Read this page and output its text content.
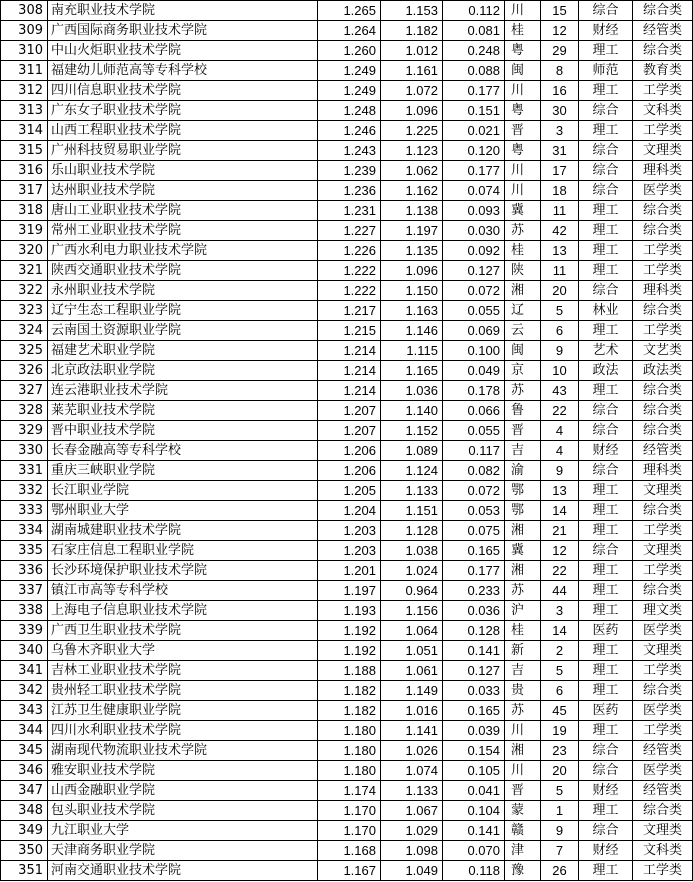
308	南充职业技术学院	1.265	1.153	0.112	川	15	综合	综合类
309	广西国际商务职业技术学院	1.264	1.182	0.081	桂	12	财经	经管类
310	中山火炬职业技术学院	1.260	1.012	0.248	粤	29	理工	综合类
311	福建幼儿师范高等专科学校	1.249	1.161	0.088	闽	8	师范	教育类
312	四川信息职业技术学院	1.249	1.072	0.177	川	16	理工	工学类
313	广东女子职业技术学院	1.248	1.096	0.151	粤	30	综合	文科类
314	山西工程职业技术学院	1.246	1.225	0.021	晋	3	理工	工学类
315	广州科技贸易职业学院	1.243	1.123	0.120	粤	31	综合	文理类
316	乐山职业技术学院	1.239	1.062	0.177	川	17	综合	理科类
317	达州职业技术学院	1.236	1.162	0.074	川	18	综合	医学类
318	唐山工业职业技术学院	1.231	1.138	0.093	冀	11	理工	综合类
319	常州工业职业技术学院	1.227	1.197	0.030	苏	42	理工	综合类
320	广西水利电力职业技术学院	1.226	1.135	0.092	桂	13	理工	工学类
321	陕西交通职业技术学院	1.222	1.096	0.127	陕	11	理工	工学类
322	永州职业技术学院	1.222	1.150	0.072	湘	20	综合	理科类
323	辽宁生态工程职业学院	1.217	1.163	0.055	辽	5	林业	综合类
324	云南国土资源职业学院	1.215	1.146	0.069	云	6	理工	工学类
325	福建艺术职业学院	1.214	1.115	0.100	闽	9	艺术	文艺类
326	北京政法职业学院	1.214	1.165	0.049	京	10	政法	政法类
327	连云港职业技术学院	1.214	1.036	0.178	苏	43	理工	综合类
328	莱芜职业技术学院	1.207	1.140	0.066	鲁	22	综合	综合类
329	晋中职业技术学院	1.207	1.152	0.055	晋	4	综合	综合类
330	长春金融高等专科学校	1.206	1.089	0.117	吉	4	财经	经管类
331	重庆三峡职业学院	1.206	1.124	0.082	渝	9	综合	理科类
332	长江职业学院	1.205	1.133	0.072	鄂	13	理工	文理类
333	鄂州职业大学	1.204	1.151	0.053	鄂	14	理工	综合类
334	湖南城建职业技术学院	1.203	1.128	0.075	湘	21	理工	工学类
335	石家庄信息工程职业学院	1.203	1.038	0.165	冀	12	综合	文理类
336	长沙环境保护职业技术学院	1.201	1.024	0.177	湘	22	理工	工学类
337	镇江市高等专科学校	1.197	0.964	0.233	苏	44	理工	综合类
338	上海电子信息职业技术学院	1.193	1.156	0.036	沪	3	理工	理文类
339	广西卫生职业技术学院	1.192	1.064	0.128	桂	14	医药	医学类
340	乌鲁木齐职业大学	1.192	1.051	0.141	新	2	理工	文理类
341	吉林工业职业技术学院	1.188	1.061	0.127	吉	5	理工	工学类
342	贵州轻工职业技术学院	1.182	1.149	0.033	贵	6	理工	综合类
343	江苏卫生健康职业学院	1.182	1.016	0.165	苏	45	医药	医学类
344	四川水利职业技术学院	1.180	1.141	0.039	川	19	理工	工学类
345	湖南现代物流职业技术学院	1.180	1.026	0.154	湘	23	综合	经管类
346	雅安职业技术学院	1.180	1.074	0.105	川	20	综合	医学类
347	山西金融职业学院	1.174	1.133	0.041	晋	5	财经	经管类
348	包头职业技术学院	1.170	1.067	0.104	蒙	1	理工	综合类
349	九江职业大学	1.170	1.029	0.141	赣	9	综合	文理类
350	天津商务职业学院	1.168	1.098	0.070	津	7	财经	文科类
351	河南交通职业技术学院	1.167	1.049	0.118	豫	26	理工	工学类
